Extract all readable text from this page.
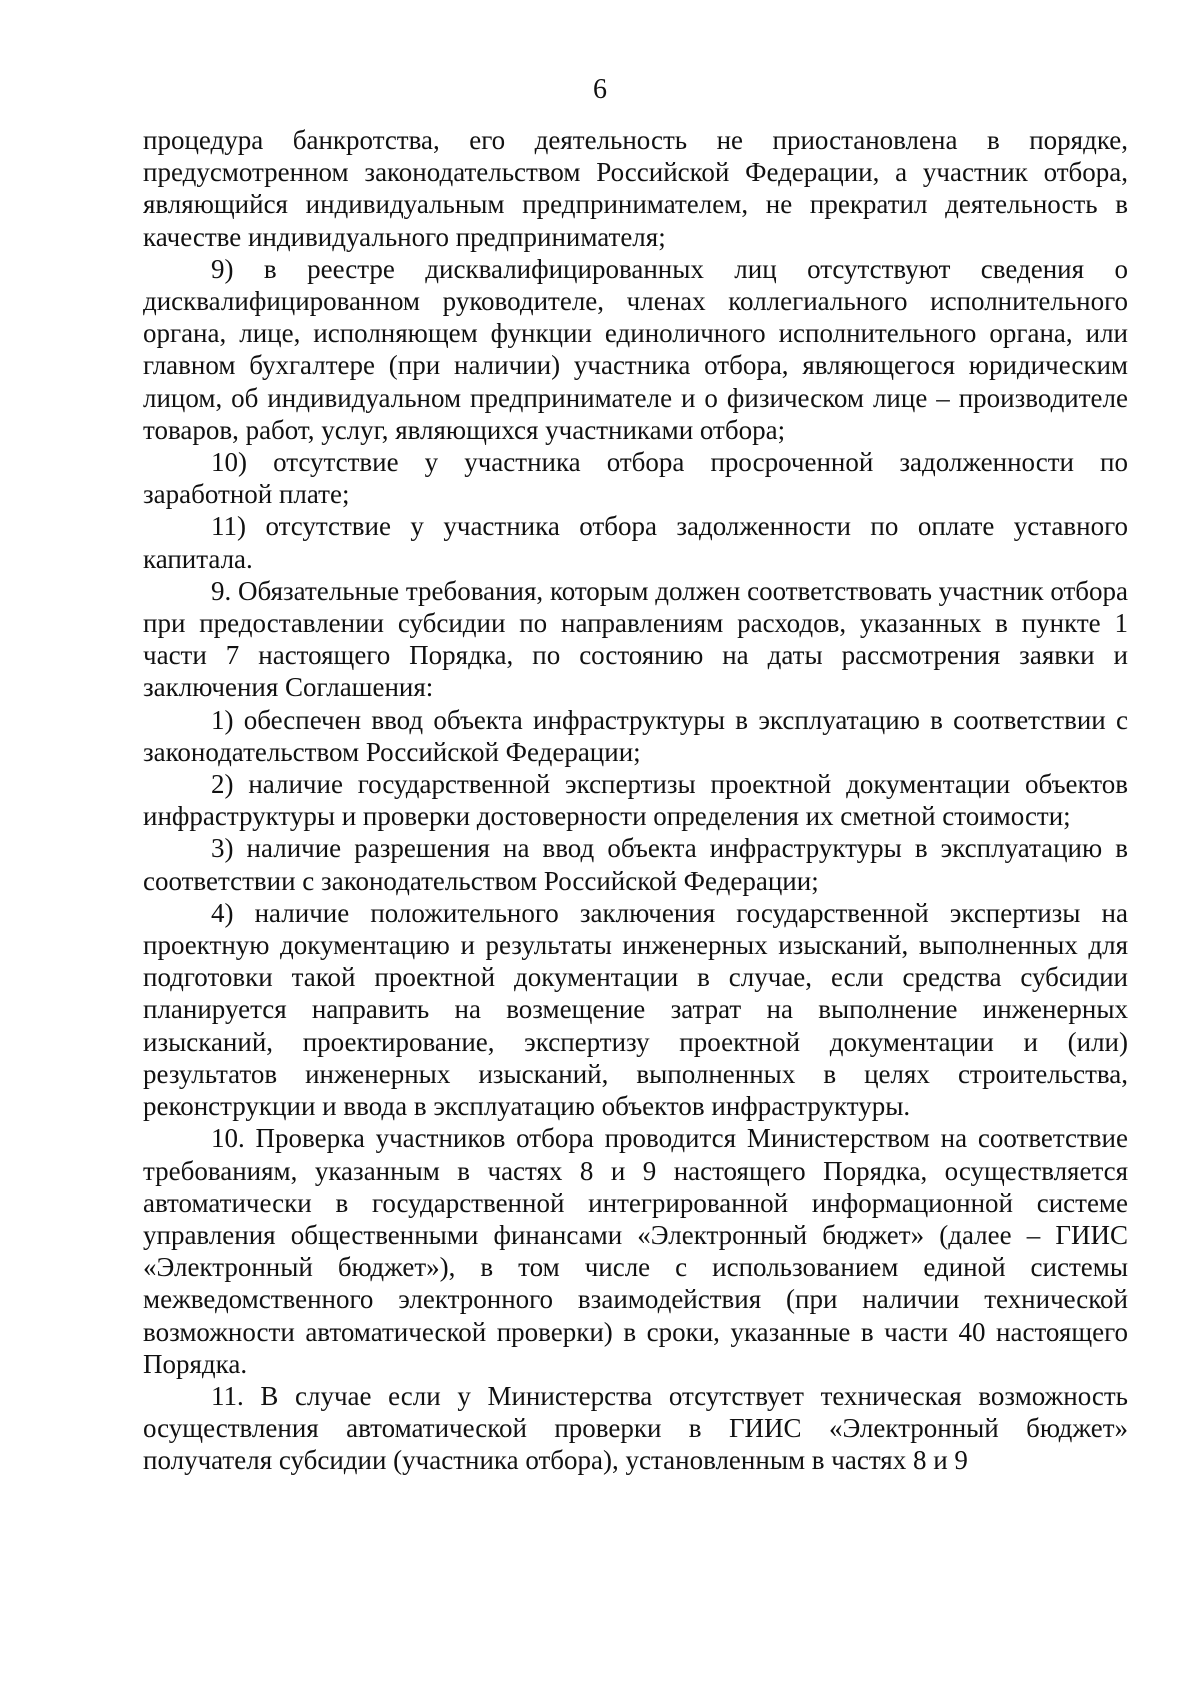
6

процедура банкротства, его деятельность не приостановлена в порядке, предусмотренном законодательством Российской Федерации, а участник отбора, являющийся индивидуальным предпринимателем, не прекратил деятельность в качестве индивидуального предпринимателя;

9) в реестре дисквалифицированных лиц отсутствуют сведения о дисквалифицированном руководителе, членах коллегиального исполнительного органа, лице, исполняющем функции единоличного исполнительного органа, или главном бухгалтере (при наличии) участника отбора, являющегося юридическим лицом, об индивидуальном предпринимателе и о физическом лице – производителе товаров, работ, услуг, являющихся участниками отбора;

10) отсутствие у участника отбора просроченной задолженности по заработной плате;

11) отсутствие у участника отбора задолженности по оплате уставного капитала.

9. Обязательные требования, которым должен соответствовать участник отбора при предоставлении субсидии по направлениям расходов, указанных в пункте 1 части 7 настоящего Порядка, по состоянию на даты рассмотрения заявки и заключения Соглашения:

1) обеспечен ввод объекта инфраструктуры в эксплуатацию в соответствии с законодательством Российской Федерации;

2) наличие государственной экспертизы проектной документации объектов инфраструктуры и проверки достоверности определения их сметной стоимости;

3) наличие разрешения на ввод объекта инфраструктуры в эксплуатацию в соответствии с законодательством Российской Федерации;

4) наличие положительного заключения государственной экспертизы на проектную документацию и результаты инженерных изысканий, выполненных для подготовки такой проектной документации в случае, если средства субсидии планируется направить на возмещение затрат на выполнение инженерных изысканий, проектирование, экспертизу проектной документации и (или) результатов инженерных изысканий, выполненных в целях строительства, реконструкции и ввода в эксплуатацию объектов инфраструктуры.

10. Проверка участников отбора проводится Министерством на соответствие требованиям, указанным в частях 8 и 9 настоящего Порядка, осуществляется автоматически в государственной интегрированной информационной системе управления общественными финансами «Электронный бюджет» (далее – ГИИС «Электронный бюджет»), в том числе с использованием единой системы межведомственного электронного взаимодействия (при наличии технической возможности автоматической проверки) в сроки, указанные в части 40 настоящего Порядка.

11. В случае если у Министерства отсутствует техническая возможность осуществления автоматической проверки в ГИИС «Электронный бюджет» получателя субсидии (участника отбора), установленным в частях 8 и 9
